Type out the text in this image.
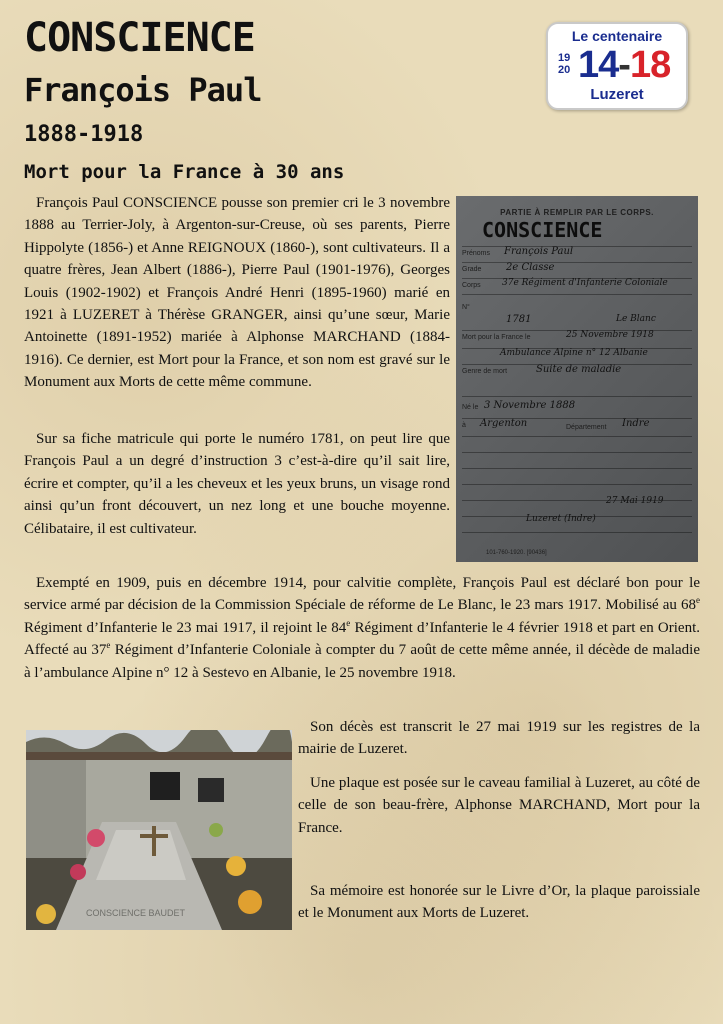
CONSCIENCE
François Paul
1888-1918
Mort pour la France à 30 ans
Le centenaire
19
20 14-18
Luzeret

François Paul CONSCIENCE pousse son premier cri le 3 novembre 1888 au Terrier-Joly, à Argenton-sur-Creuse, où ses parents, Pierre Hippolyte (1856-) et Anne REIGNOUX (1860-), sont cultivateurs. Il a quatre frères, Jean Albert (1886-), Pierre Paul (1901-1976), Georges Louis (1902-1902) et François André Henri (1895-1960) marié en 1921 à LUZERET à Thérèse GRANGER, ainsi qu’une sœur, Marie Antoinette (1891-1952) mariée à Alphonse MARCHAND (1884-1916). Ce dernier, est Mort pour la France, et son nom est gravé sur le Monument aux Morts de cette même commune.

PARTIE À REMPLIR PAR LE CORPS.
CONSCIENCE
Prénoms François Paul
Grade 2e Classe
Corps 37e Régiment d'Infanterie Coloniale
N°
1781	Le Blanc
Mort pour la France le	25 Novembre 1918
Ambulance Alpine n° 12 Albanie
Genre de mort	Suite de maladie
Né le 3 Novembre 1888
à Argenton	Département Indre
27 Mai 1919
Luzeret (Indre)
101-760-1920. [90436]

Sur sa fiche matricule qui porte le numéro 1781, on peut lire que François Paul a un degré d’instruction 3 c’est-à-dire qu’il sait lire, écrire et compter, qu’il a les cheveux et les yeux bruns, un visage rond ainsi qu’un front découvert, un nez long et une bouche moyenne. Célibataire, il est cultivateur.

Exempté en 1909, puis en décembre 1914, pour calvitie complète, François Paul est déclaré bon pour le service armé par décision de la Commission Spéciale de réforme de Le Blanc, le 23 mars 1917. Mobilisé au 68e Régiment d’Infanterie le 23 mai 1917, il rejoint le 84e Régiment d’Infanterie le 4 février 1918 et part en Orient. Affecté au 37e Régiment d’Infanterie Coloniale à compter du 7 août de cette même année, il décède de maladie à l’ambulance Alpine n° 12 à Sestevo en Albanie, le 25 novembre 1918.

CONSCIENCE BAUDET

Son décès est transcrit le 27 mai 1919 sur les registres de la mairie de Luzeret.

Une plaque est posée sur le caveau familial à Luzeret, au côté de celle de son beau-frère, Alphonse MARCHAND, Mort pour la France.

Sa mémoire est honorée sur le Livre d’Or, la plaque paroissiale et le Monument aux Morts de Luzeret.
